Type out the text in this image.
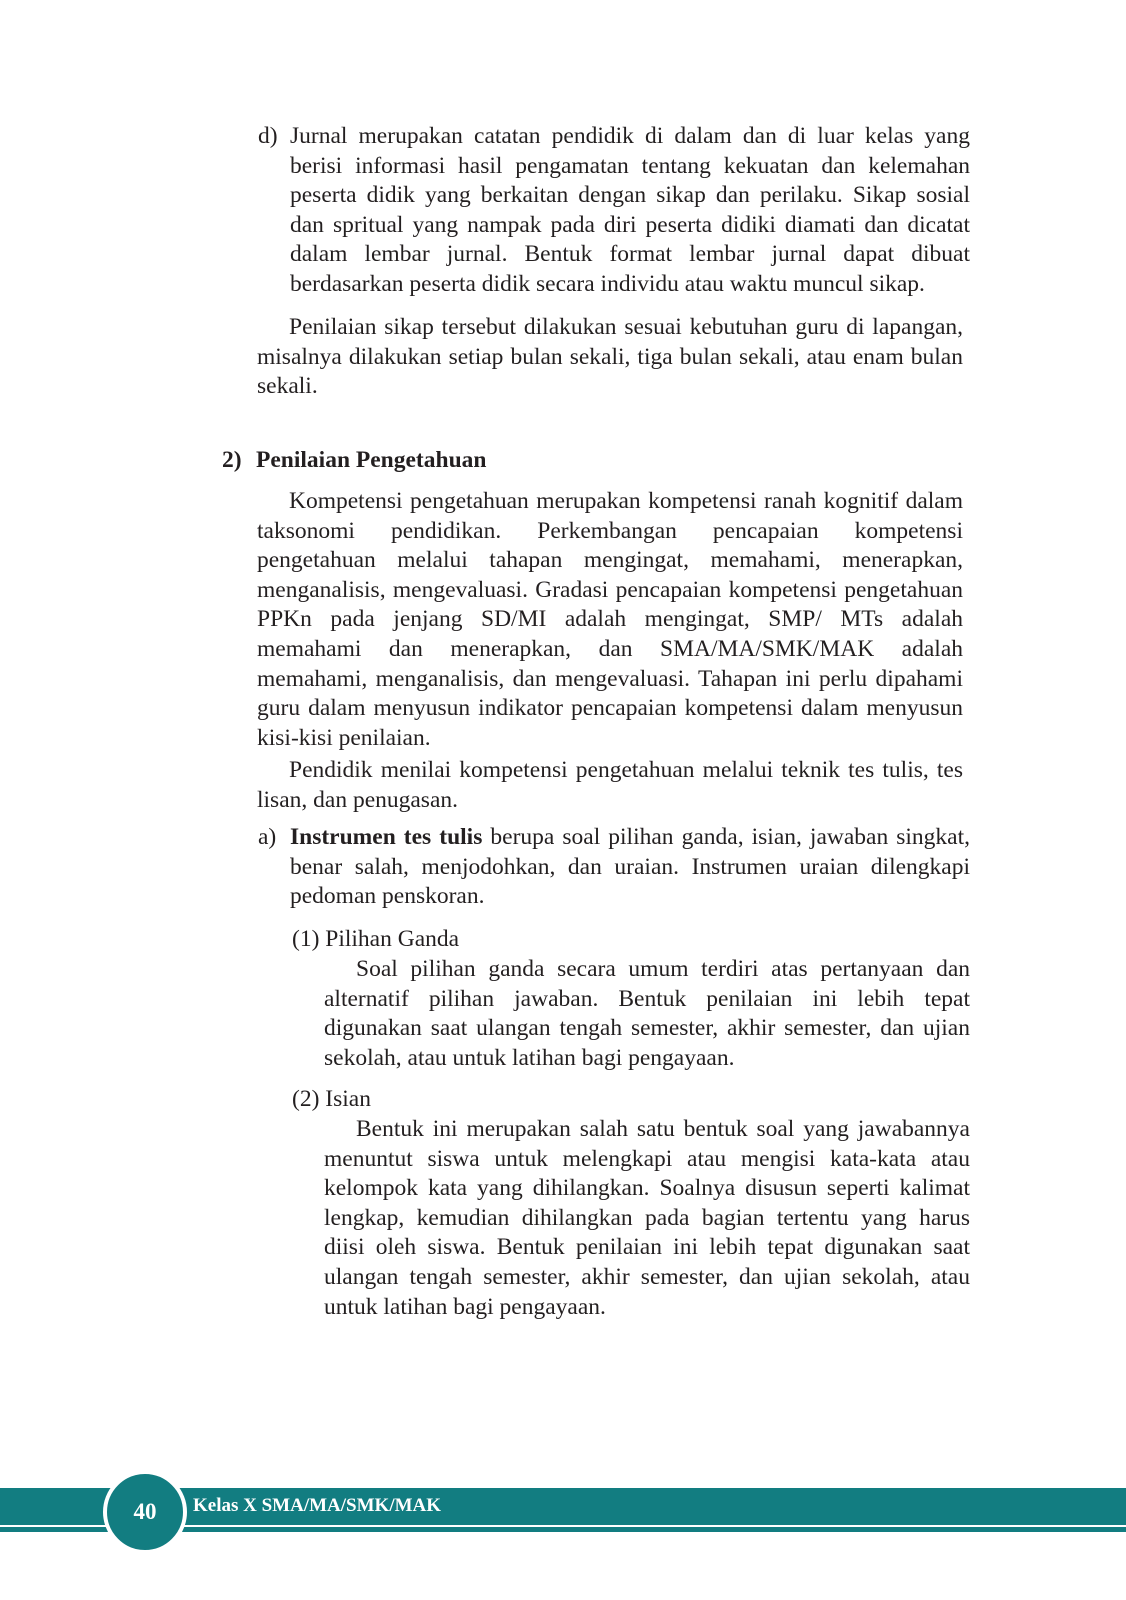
d) Jurnal merupakan catatan pendidik di dalam dan di luar kelas yang berisi informasi hasil pengamatan tentang kekuatan dan kelemahan peserta didik yang berkaitan dengan sikap dan perilaku. Sikap sosial dan spritual yang nampak pada diri peserta didiki diamati dan dicatat dalam lembar jurnal. Bentuk format lembar jurnal dapat dibuat berdasarkan peserta didik secara individu atau waktu muncul sikap.

Penilaian sikap tersebut dilakukan sesuai kebutuhan guru di lapangan, misalnya dilakukan setiap bulan sekali, tiga bulan sekali, atau enam bulan sekali.

2) Penilaian Pengetahuan

Kompetensi pengetahuan merupakan kompetensi ranah kognitif dalam taksonomi pendidikan. Perkembangan pencapaian kompetensi pengetahuan melalui tahapan mengingat, memahami, menerapkan, menganalisis, mengevaluasi. Gradasi pencapaian kompetensi pengetahuan PPKn pada jenjang SD/MI adalah mengingat, SMP/ MTs adalah memahami dan menerapkan, dan SMA/MA/SMK/MAK adalah memahami, menganalisis, dan mengevaluasi. Tahapan ini perlu dipahami guru dalam menyusun indikator pencapaian kompetensi dalam menyusun kisi-kisi penilaian.

Pendidik menilai kompetensi pengetahuan melalui teknik tes tulis, tes lisan, dan penugasan.

a) Instrumen tes tulis berupa soal pilihan ganda, isian, jawaban singkat, benar salah, menjodohkan, dan uraian. Instrumen uraian dilengkapi pedoman penskoran.

(1) Pilihan Ganda

Soal pilihan ganda secara umum terdiri atas pertanyaan dan alternatif pilihan jawaban. Bentuk penilaian ini lebih tepat digunakan saat ulangan tengah semester, akhir semester, dan ujian sekolah, atau untuk latihan bagi pengayaan.

(2) Isian

Bentuk ini merupakan salah satu bentuk soal yang jawabannya menuntut siswa untuk melengkapi atau mengisi kata-kata atau kelompok kata yang dihilangkan. Soalnya disusun seperti kalimat lengkap, kemudian dihilangkan pada bagian tertentu yang harus diisi oleh siswa. Bentuk penilaian ini lebih tepat digunakan saat ulangan tengah semester, akhir semester, dan ujian sekolah, atau untuk latihan bagi pengayaan.

40 Kelas X SMA/MA/SMK/MAK
